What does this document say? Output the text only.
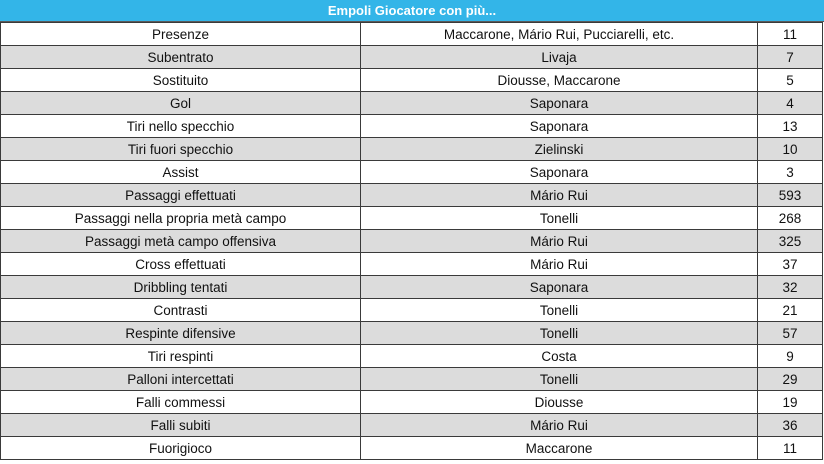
Empoli Giocatore con più...
Presenze	Maccarone, Mário Rui, Pucciarelli, etc.	11
Subentrato	Livaja	7
Sostituito	Diousse, Maccarone	5
Gol	Saponara	4
Tiri nello specchio	Saponara	13
Tiri fuori specchio	Zielinski	10
Assist	Saponara	3
Passaggi effettuati	Mário Rui	593
Passaggi nella propria metà campo	Tonelli	268
Passaggi metà campo offensiva	Mário Rui	325
Cross effettuati	Mário Rui	37
Dribbling tentati	Saponara	32
Contrasti	Tonelli	21
Respinte difensive	Tonelli	57
Tiri respinti	Costa	9
Palloni intercettati	Tonelli	29
Falli commessi	Diousse	19
Falli subiti	Mário Rui	36
Fuorigioco	Maccarone	11
